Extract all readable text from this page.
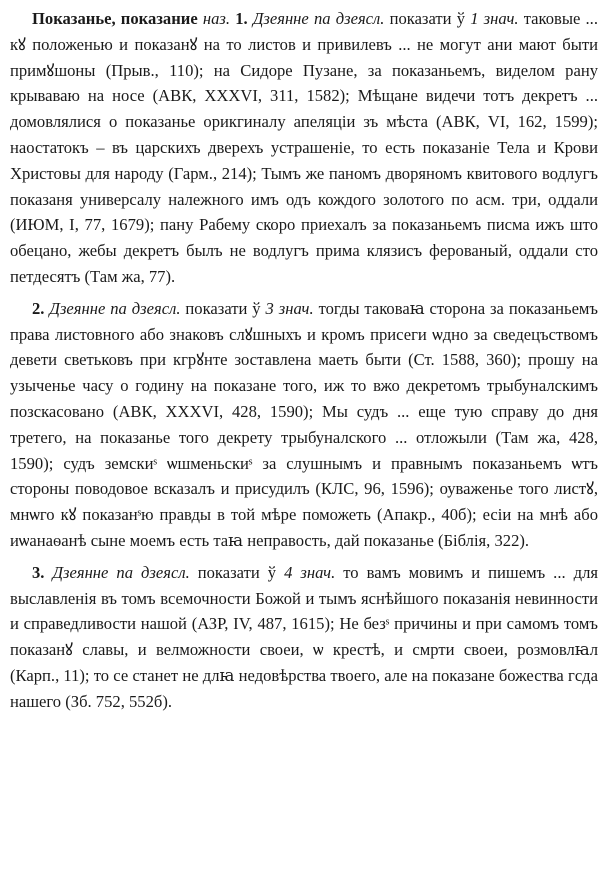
Показанье, показание наз. 1. Дзеянне па дзеясл. показати ў 1 знач. таковые ... кꙋ положенью и показанꙋ на то листов и привилевъ ... не могут ани мают быти примꙋшоны (Прыв., 110); на Сидоре Пузане, за показаньемъ, виделом рану крываваю на носе (АВК, XXXVI, 311, 1582); Мѣщане видечи тотъ декретъ ... домовлялися о показанье орикгиналу апеляцiи зъ мѣста (АВК, VI, 162, 1599); наостатокъ – въ царскихъ дверехъ устрашенiе, то есть показанiе Тела и Крови Христовы для народу (Гарм., 214); Тымъ же паномъ дворяномъ квитового водлугъ показаня универсалу належного имъ одъ кождого золотого по асм. три, oддали (ИЮМ, I, 77, 1679); пану Рабему скоро приехалъ за показаньемъ писма ижъ што обецано, жебы декретъ былъ не водлугъ прима клязисъ ферованый, оддали сто петдесятъ (Там жа, 77).

2. Дзеянне па дзеясл. показати ў 3 знач. тогды таковаꙗ сторона за показаньемъ права листовного або знаковъ слꙋшныхъ и кромъ присеги ѡдно за сведецъствомъ девети светьковъ при кгрꙋнте зоставлена маеть быти (Ст. 1588, 360); прошу на узыченье часу о годину на показане того, иж то вжо декретомъ трыбуналскимъ позскасовано (АВК, XXXVI, 428, 1590); Мы судъ ... еще тую справу до дня третего, на показанье того декрету трыбуналского ... отложыли (Там жа, 428, 1590); судъ земскиˢ ѡшменьскиˢ за слушнымъ и правнымъ показаньемъ ѡтъ стороны поводовое всказалъ и присудилъ (КЛС, 96, 1596); оуваженье того листꙋ, мнѡго кꙋ показанˢю правды в той мѣре поможеть (Апакр., 40б); есіи на мнѣ або иѡанаѳанѣ сыне моемъ есть таꙗ неправость, дай показанье (Бiблiя, 322).

3. Дзеянне па дзеясл. показати ў 4 знач. то вамъ мовимъ и пишемъ ... для выславленiя въ томъ всемочности Божой и тымъ яснѣйшого показанiя невинности и справедливости нашой (АЗР, IV, 487, 1615); Не безˢ причины и при самомъ томъ показанꙋ славы, и велможности своеи, ѡ крестѣ, и смрти своеи, розмовлꙗл (Карп., 11); то се станет не длꙗ недовѣрства твоего, але на показане божества гсда нашего (Зб. 752, 552б).
